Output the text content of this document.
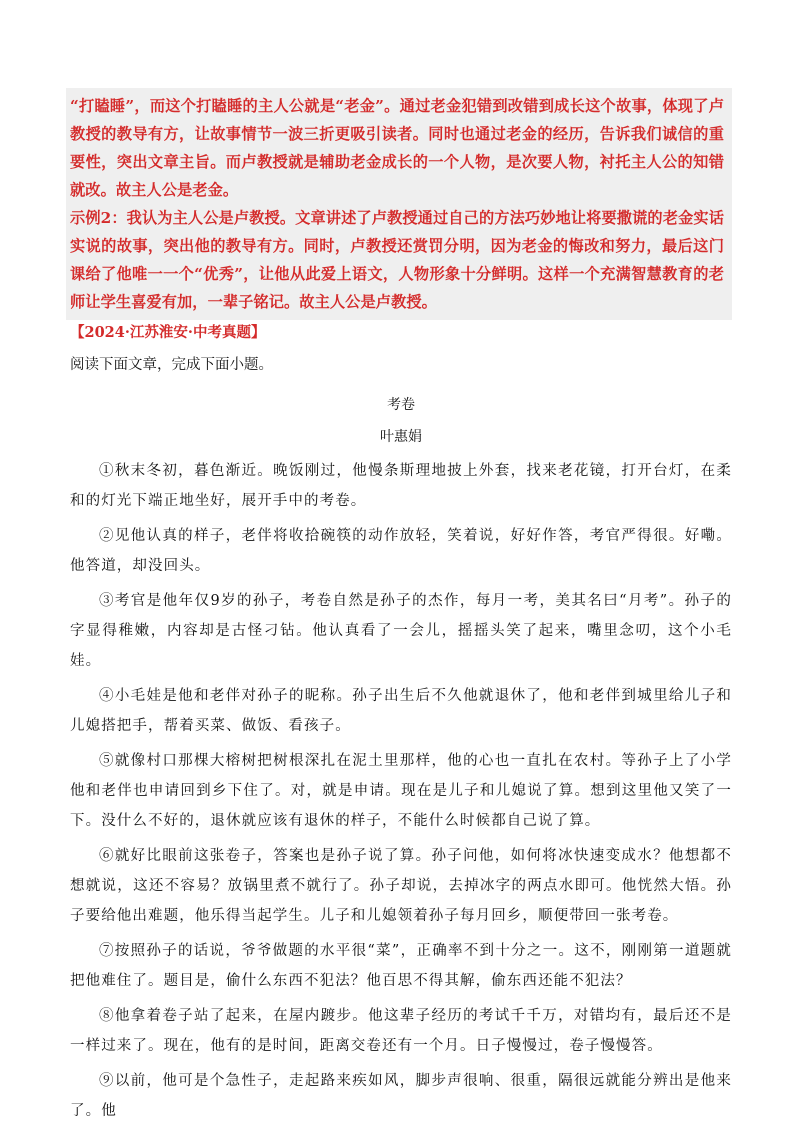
“打瞌睡”，而这个打瞌睡的主人公就是“老金”。通过老金犯错到改错到成长这个故事，体现了卢教授的教导有方，让故事情节一波三折更吸引读者。同时也通过老金的经历，告诉我们诚信的重要性，突出文章主旨。而卢教授就是辅助老金成长的一个人物，是次要人物，衬托主人公的知错就改。故主人公是老金。

示例2：我认为主人公是卢教授。文章讲述了卢教授通过自己的方法巧妙地让将要撒谎的老金实话实说的故事，突出他的教导有方。同时，卢教授还赏罚分明，因为老金的悔改和努力，最后这门课给了他唯一一个“优秀”，让他从此爱上语文，人物形象十分鲜明。这样一个充满智慧教育的老师让学生喜爱有加，一辈子铭记。故主人公是卢教授。

【2024·江苏淮安·中考真题】
阅读下面文章，完成下面小题。
考卷
叶惠娟

①秋末冬初，暮色渐近。晚饭刚过，他慢条斯理地披上外套，找来老花镜，打开台灯，在柔和的灯光下端正地坐好，展开手中的考卷。

②见他认真的样子，老伴将收拾碗筷的动作放轻，笑着说，好好作答，考官严得很。好嘞。他答道，却没回头。

③考官是他年仅9岁的孙子，考卷自然是孙子的杰作，每月一考，美其名曰“月考”。孙子的字显得稚嫩，内容却是古怪刁钻。他认真看了一会儿，摇摇头笑了起来，嘴里念叨，这个小毛娃。

④小毛娃是他和老伴对孙子的昵称。孙子出生后不久他就退休了，他和老伴到城里给儿子和儿媳搭把手，帮着买菜、做饭、看孩子。

⑤就像村口那棵大榕树把树根深扎在泥土里那样，他的心也一直扎在农村。等孙子上了小学他和老伴也申请回到乡下住了。对，就是申请。现在是儿子和儿媳说了算。想到这里他又笑了一下。没什么不好的，退休就应该有退休的样子，不能什么时候都自己说了算。

⑥就好比眼前这张卷子，答案也是孙子说了算。孙子问他，如何将冰快速变成水？他想都不想就说，这还不容易？放锅里煮不就行了。孙子却说，去掉冰字的两点水即可。他恍然大悟。孙子要给他出难题，他乐得当起学生。儿子和儿媳领着孙子每月回乡，顺便带回一张考卷。

⑦按照孙子的话说，爷爷做题的水平很“菜”，正确率不到十分之一。这不，刚刚第一道题就把他难住了。题目是，偷什么东西不犯法？他百思不得其解，偷东西还能不犯法？

⑧他拿着卷子站了起来，在屋内踱步。他这辈子经历的考试千千万，对错均有，最后还不是一样过来了。现在，他有的是时间，距离交卷还有一个月。日子慢慢过，卷子慢慢答。

⑨以前，他可是个急性子，走起路来疾如风，脚步声很响、很重，隔很远就能分辨出是他来了。他
